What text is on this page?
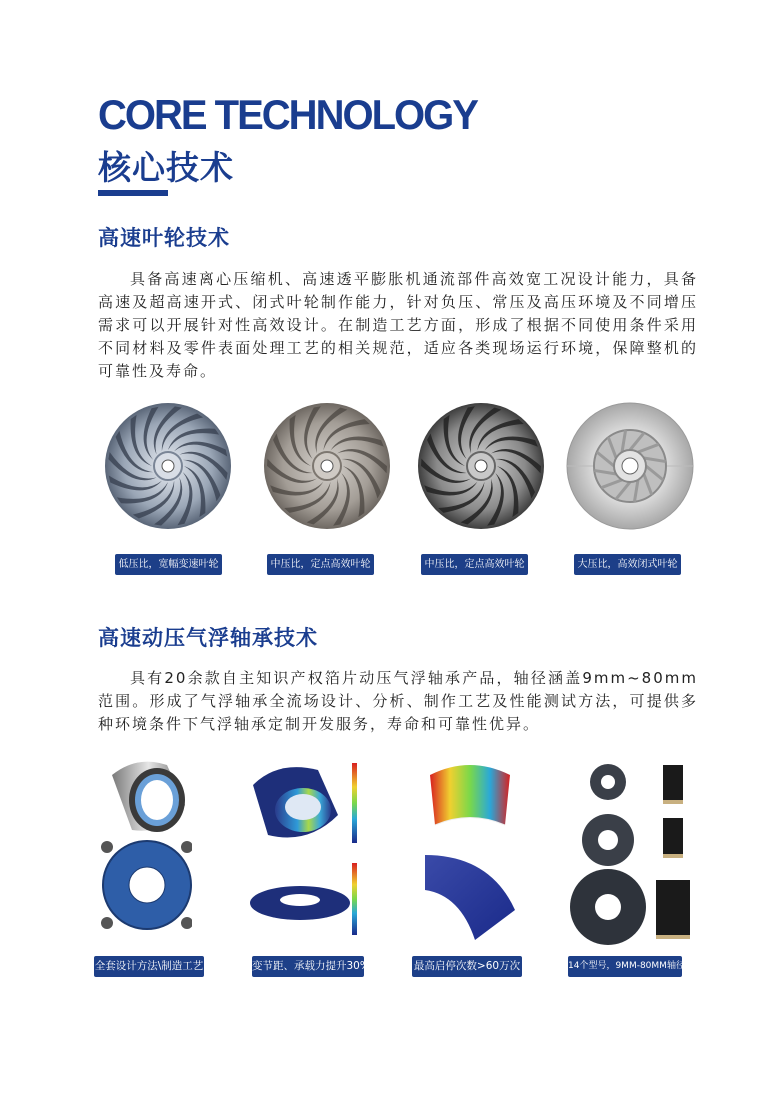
CORE TECHNOLOGY
核心技术
高速叶轮技术
具备高速离心压缩机、高速透平膨胀机通流部件高效宽工况设计能力，具备高速及超高速开式、闭式叶轮制作能力，针对负压、常压及高压环境及不同增压需求可以开展针对性高效设计。在制造工艺方面，形成了根据不同使用条件采用不同材料及零件表面处理工艺的相关规范，适应各类现场运行环境，保障整机的可靠性及寿命。
低压比，宽幅变速叶轮	中压比，定点高效叶轮	中压比，定点高效叶轮	大压比，高效闭式叶轮
高速动压气浮轴承技术
具有20余款自主知识产权箔片动压气浮轴承产品，轴径涵盖9mm~80mm范围。形成了气浮轴承全流场设计、分析、制作工艺及性能测试方法，可提供多种环境条件下气浮轴承定制开发服务，寿命和可靠性优异。
全套设计方法\制造工艺	变节距、承载力提升30%	最高启停次数>60万次	14个型号，9MM-80MM轴径
